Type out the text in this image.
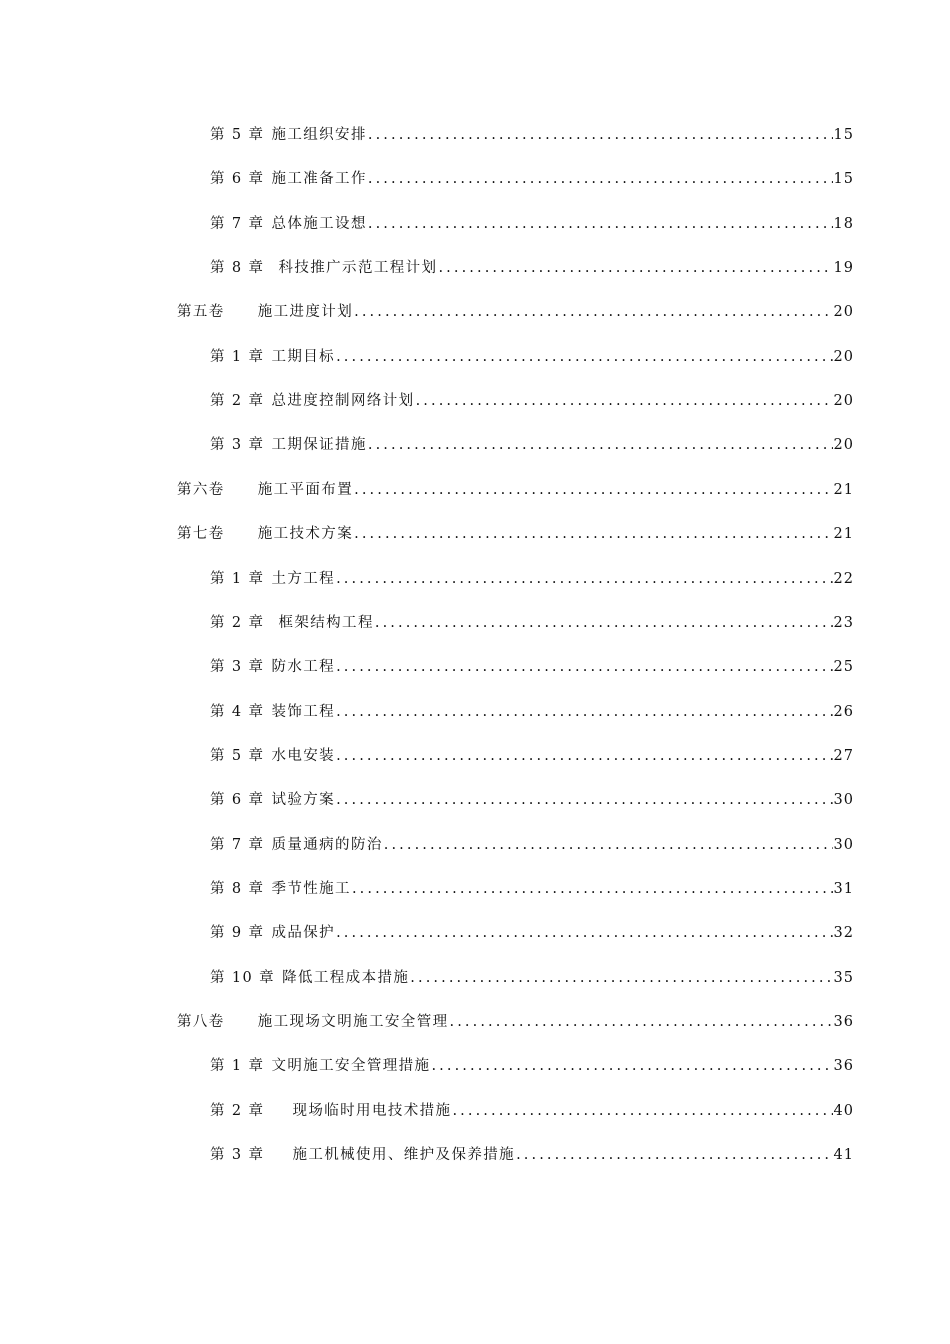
第 5 章 施工组织安排 .....	15
第 6 章 施工准备工作 .....	15
第 7 章 总体施工设想 .....	18
第 8 章 科技推广示范工程计划 .....	19
第五卷 施工进度计划 .....	20
第 1 章 工期目标 .....	20
第 2 章 总进度控制网络计划 .....	20
第 3 章 工期保证措施 .....	20
第六卷 施工平面布置 .....	21
第七卷 施工技术方案 .....	21
第 1 章 土方工程 .....	22
第 2 章 框架结构工程 .....	23
第 3 章 防水工程 .....	25
第 4 章 装饰工程 .....	26
第 5 章 水电安装 .....	27
第 6 章 试验方案 .....	30
第 7 章 质量通病的防治 .....	30
第 8 章 季节性施工 .....	31
第 9 章 成品保护 .....	32
第 10 章 降低工程成本措施 .....	35
第八卷 施工现场文明施工安全管理 .....	36
第 1 章 文明施工安全管理措施 .....	36
第 2 章 现场临时用电技术措施 .....	40
第 3 章 施工机械使用、维护及保养措施 .....	41
